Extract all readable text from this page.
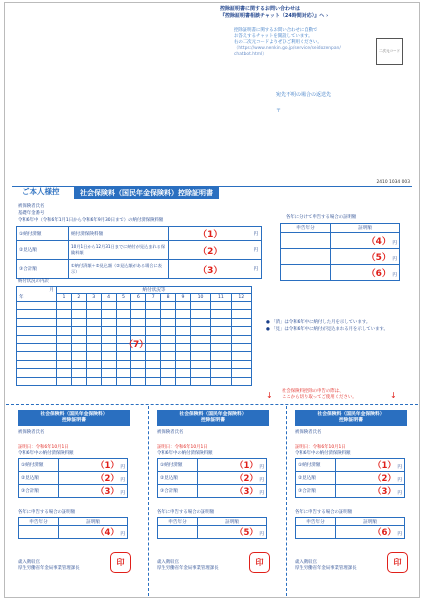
控除証明書に関するお問い合わせは
『控除証明書相談チャット（24時間対応）』へ ›
控除証明書に関するお問い合わせに自動で
お答えするチャットを開設しています。
右の二次元コードよりぜひご利用ください。
（https://www.nenkin.go.jp/service/seidozenpan/
chatbot.html）
二次元コード
宛先不明の場合の返送先
〒
2410 1034 003
ご本人様控	社会保険料（国民年金保険料）控除証明書
被保険者氏名
基礎年金番号
令和6年中（令和6年1月1日から令和6年9月30日まで）の納付済保険料額
①納付済額	納付済保険料額	（1）	円
②見込額	10月1日から12月31日までに納付が見込まれる保険料額	（2）	円
③合計額	①納付済額＋②見込額（②見込額がある場合に表示）	（3）	円
各年に分けて申告する場合の証明額
申告年分	証明額
	（4） 円
	（5） 円
	（6） 円
納付状況の内訳
月	納付状況等											
年	1	2	3	4	5	6	7	8	9	10	11	12

（7）
● 「済」は令和6年中に納付した月を示しています。
● 「見」は令和6年中に納付が見込まれる月を示しています。
社会保険料控除の申告の際は、
ここから切り取ってご使用ください。
↓	↓
社会保険料（国民年金保険料）
控除証明書
被保険者氏名
証明日：令和6年10月1日
令和6年中の納付済保険料額
①納付済額	（1） 円
②見込額	（2） 円
③合計額	（3） 円
各年に申告する場合の証明額
申告年分	証明額
	（4） 円
歳入徴収官
厚生労働省年金局事業管理課長
印
社会保険料（国民年金保険料）
控除証明書
被保険者氏名
証明日：令和6年10月1日
令和6年中の納付済保険料額
①納付済額	（1） 円
②見込額	（2） 円
③合計額	（3） 円
各年に申告する場合の証明額
申告年分	証明額
	（5） 円
歳入徴収官
厚生労働省年金局事業管理課長
印
社会保険料（国民年金保険料）
控除証明書
被保険者氏名
証明日：令和6年10月1日
令和6年中の納付済保険料額
①納付済額	（1） 円
②見込額	（2） 円
③合計額	（3） 円
各年に申告する場合の証明額
申告年分	証明額
	（6） 円
歳入徴収官
厚生労働省年金局事業管理課長
印
